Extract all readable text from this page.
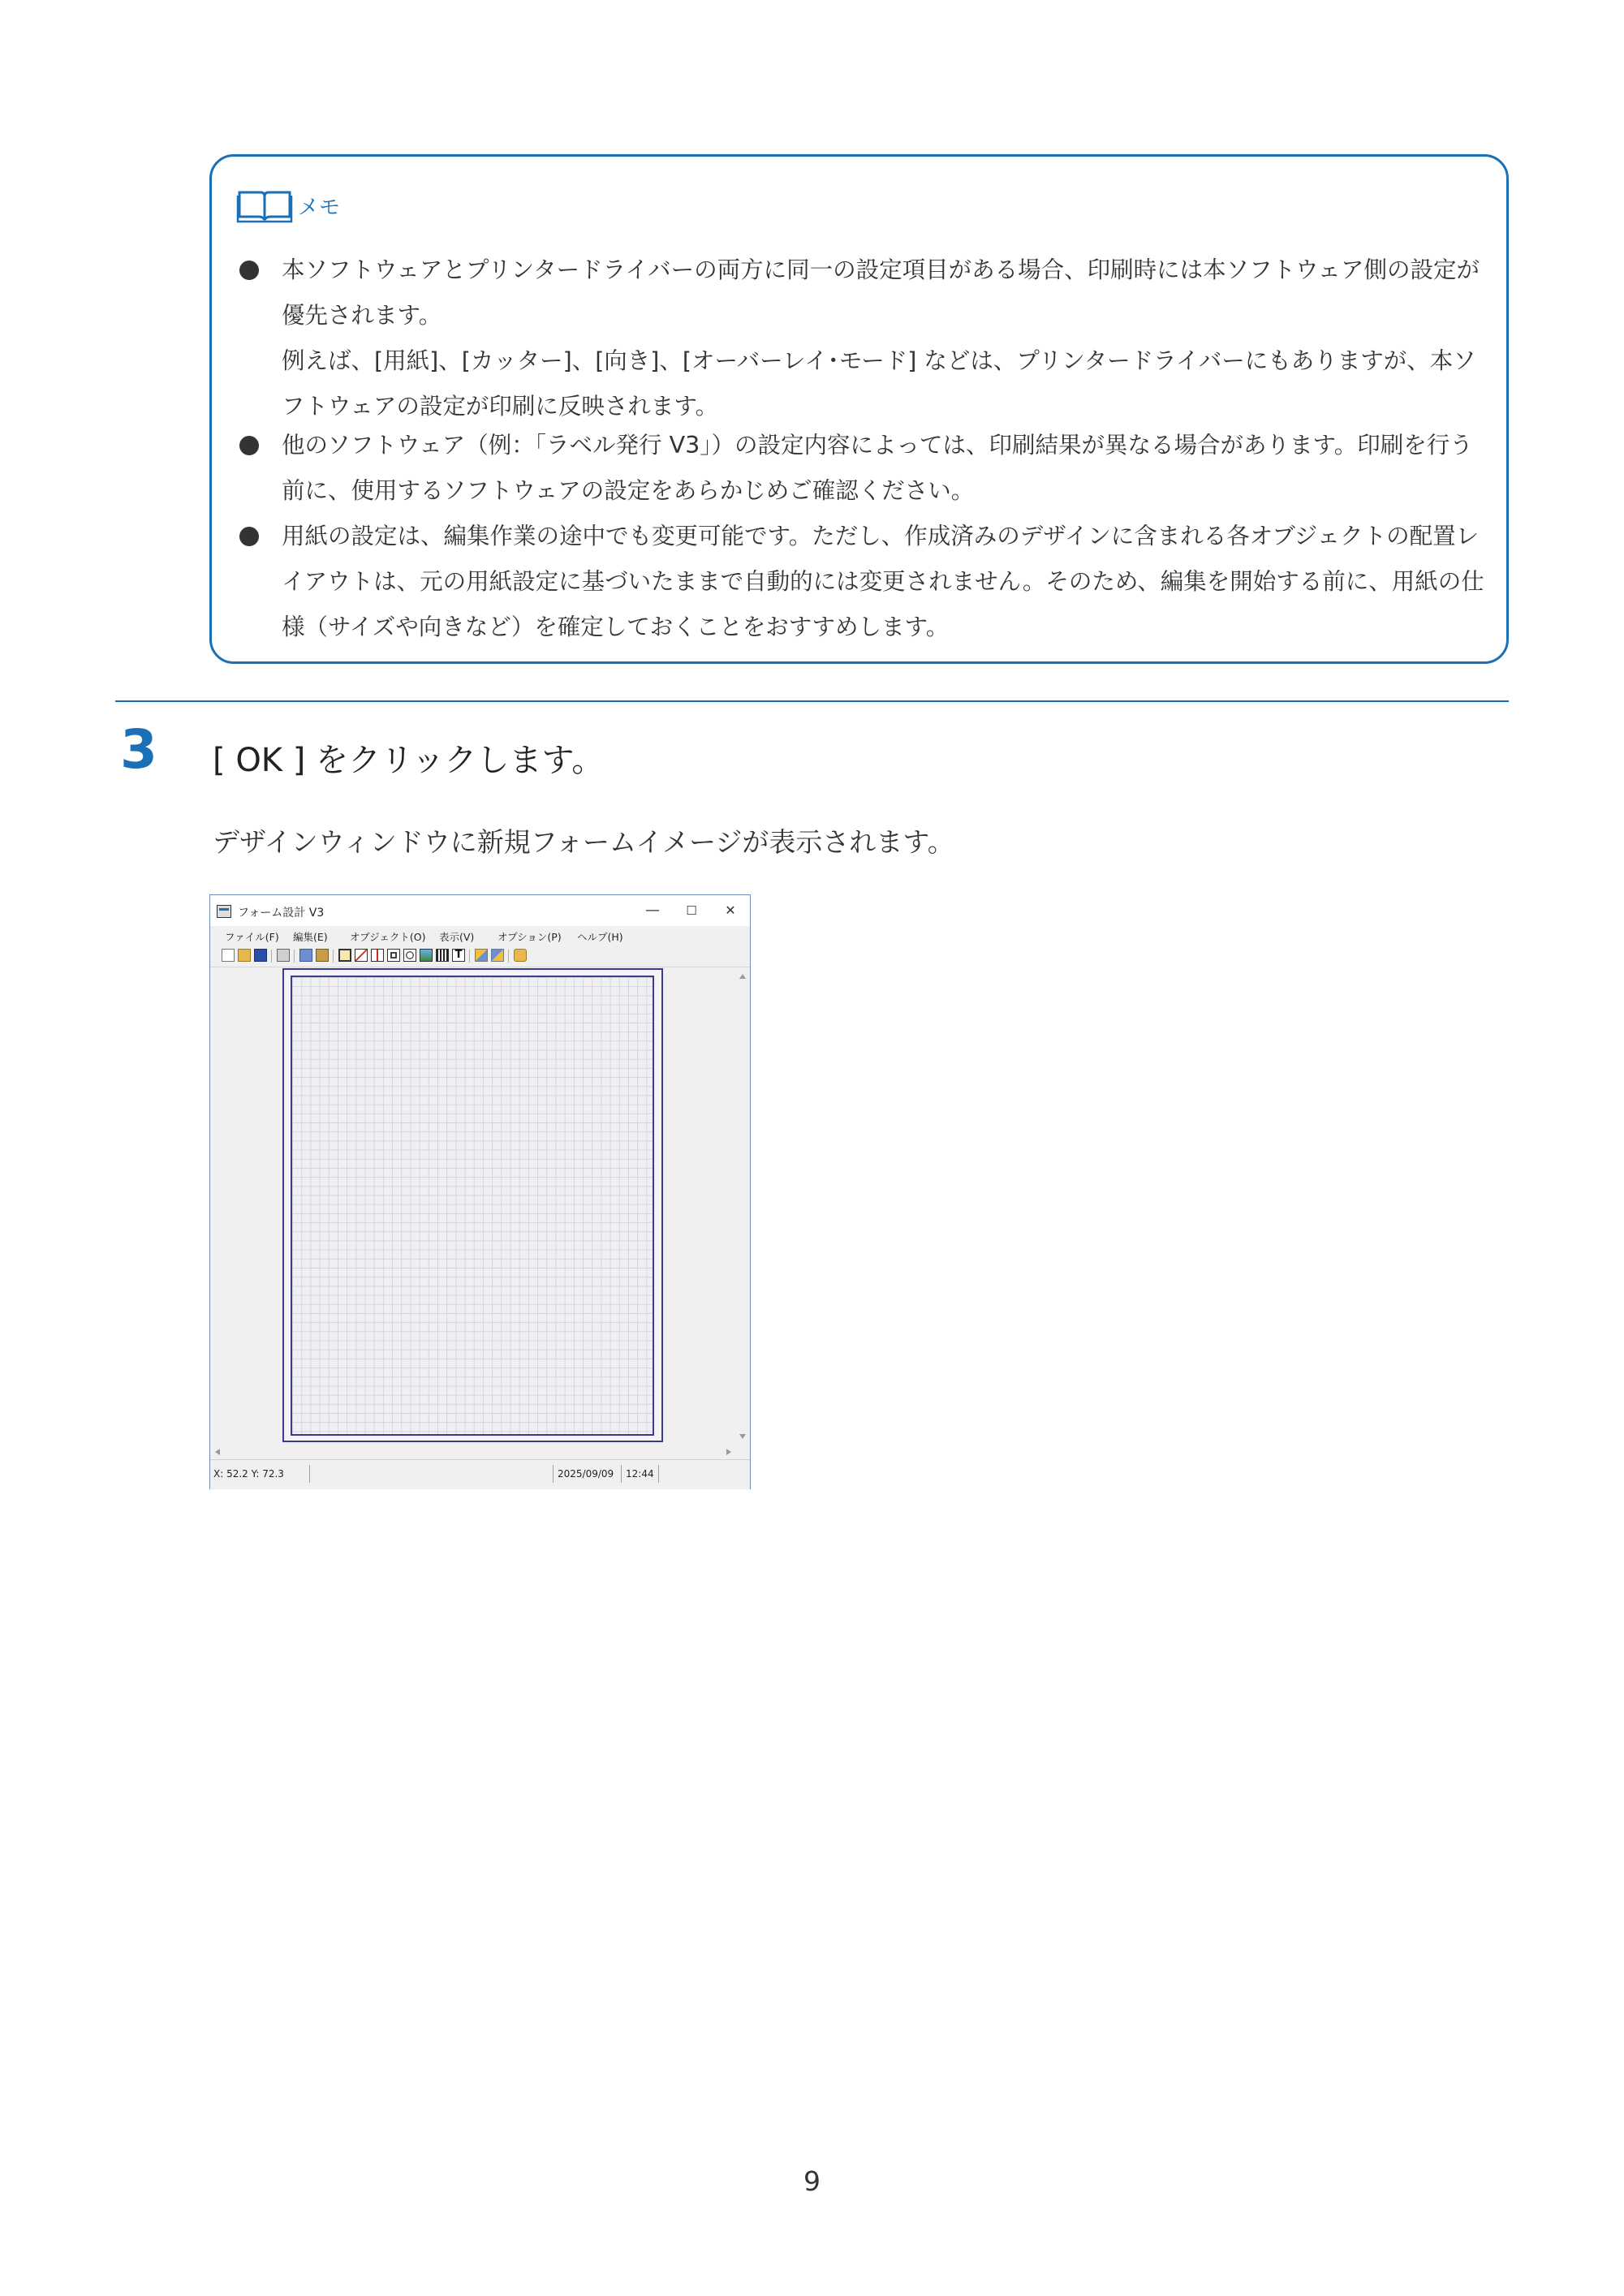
メモ
本ソフトウェアとプリンタードライバーの両方に同一の設定項目がある場合、印刷時には本ソフトウェア側の設定が優先されます。
例えば、[用紙]、[カッター]、[向き]、[オーバーレイ･モード] などは、プリンタードライバーにもありますが、本ソフトウェアの設定が印刷に反映されます。
他のソフトウェア（例：「ラベル発行 V3」）の設定内容によっては、印刷結果が異なる場合があります。印刷を行う前に、使用するソフトウェアの設定をあらかじめご確認ください。
用紙の設定は、編集作業の途中でも変更可能です。ただし、作成済みのデザインに含まれる各オブジェクトの配置レイアウトは、元の用紙設定に基づいたままで自動的には変更されません。そのため、編集を開始する前に、用紙の仕様（サイズや向きなど）を確定しておくことをおすすめします。
3 [ OK ] をクリックします。
デザインウィンドウに新規フォームイメージが表示されます。
フォーム設計 V3	—	☐	✕
ファイル(F) 編集(E) オブジェクト(O) 表示(V) オプション(P) ヘルプ(H)
T
X: 52.2 Y: 72.3	2025/09/09 12:44
9
